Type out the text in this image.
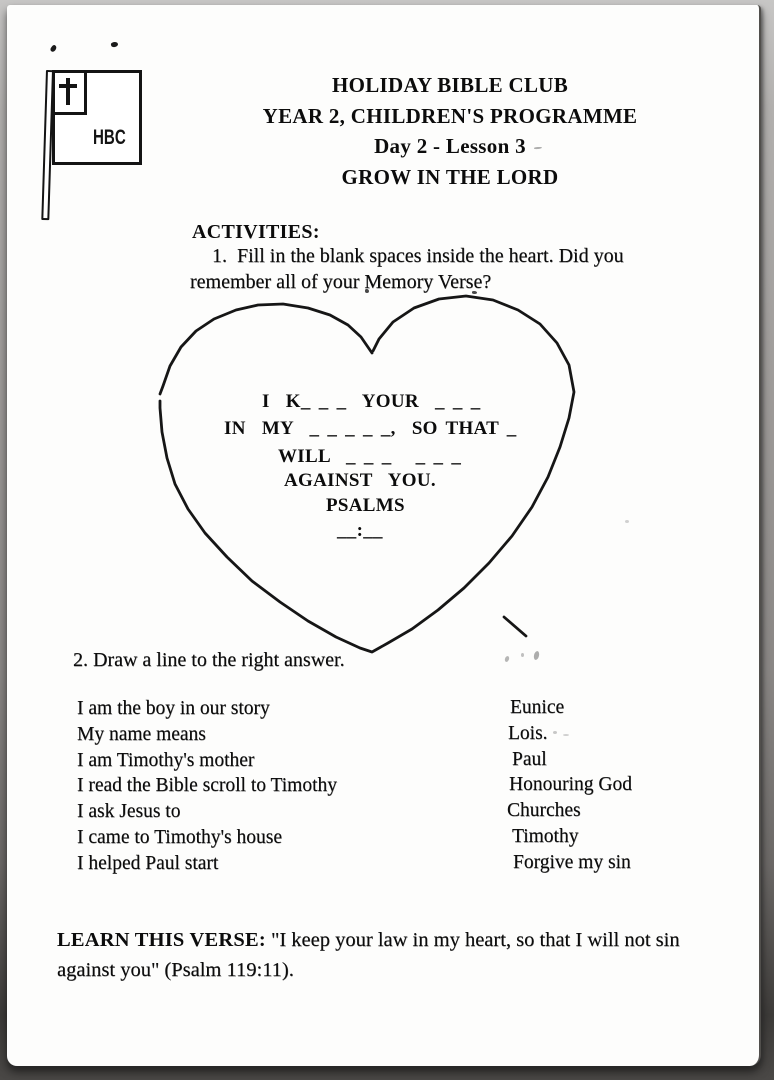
HBC
HOLIDAY BIBLE CLUB
YEAR 2, CHILDREN'S PROGRAMME
Day 2 - Lesson 3
GROW IN THE LORD
ACTIVITIES:
1.  Fill in the blank spaces inside the heart. Did you
remember all of your Memory Verse?
I  K_ _ _  YOUR  _ _ _
IN  MY  _ _ _ _ _,  SO THAT _
WILL  _ _ _   _ _ _
AGAINST  YOU.
PSALMS
__:__
2. Draw a line to the right answer.
I am the boy in our story
My name means
I am Timothy's mother
I read the Bible scroll to Timothy
I ask Jesus to
I came to Timothy's house
I helped Paul start
Eunice
Lois.
Paul
Honouring God
Churches
Timothy
Forgive my sin
LEARN THIS VERSE: "I keep your law in my heart, so that I will not sin
against you" (Psalm 119:11).
